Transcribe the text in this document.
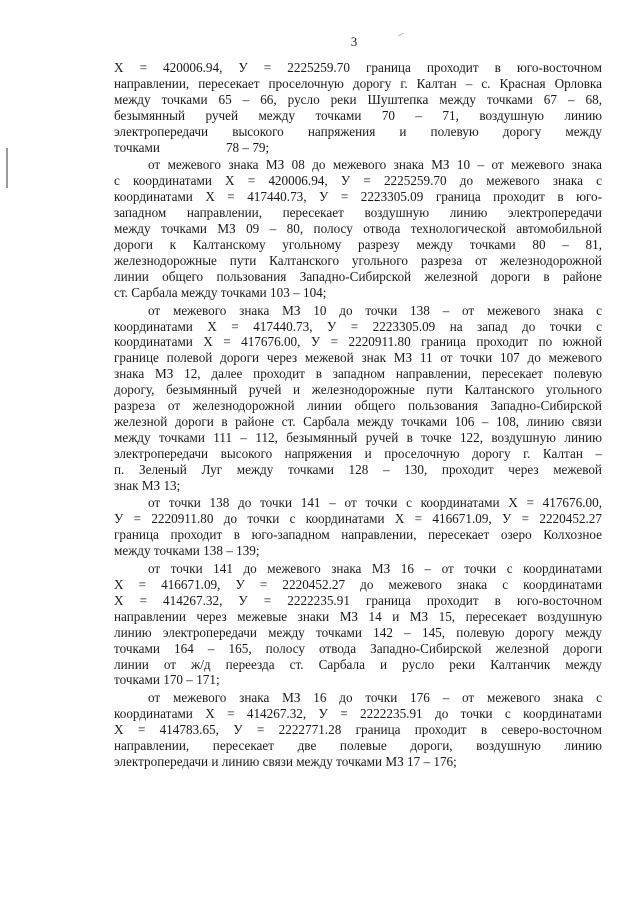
3
Х = 420006.94, У = 2225259.70 граница проходит в юго-восточном
направлении, пересекает проселочную дорогу г. Калтан – с. Красная Орловка
между точками 65 – 66, русло реки Шуштепка между точками 67 – 68,
безымянный ручей между точками 70 – 71, воздушную линию
электропередачи высокого напряжения и полевую дорогу между
точками	78 – 79;
от межевого знака МЗ 08 до межевого знака МЗ 10 – от межевого знака
с координатами Х = 420006.94, У = 2225259.70 до межевого знака с
координатами Х = 417440.73, У = 2223305.09 граница проходит в юго-
западном направлении, пересекает воздушную линию электропередачи
между точками МЗ 09 – 80, полосу отвода технологической автомобильной
дороги к Калтанскому угольному разрезу между точками 80 – 81,
железнодорожные пути Калтанского угольного разреза от железнодорожной
линии общего пользования Западно-Сибирской железной дороги в районе
ст. Сарбала между точками 103 – 104;
от межевого знака МЗ 10 до точки 138 – от межевого знака с
координатами Х = 417440.73, У = 2223305.09 на запад до точки с
координатами Х = 417676.00, У = 2220911.80 граница проходит по южной
границе полевой дороги через межевой знак МЗ 11 от точки 107 до межевого
знака МЗ 12, далее проходит в западном направлении, пересекает полевую
дорогу, безымянный ручей и железнодорожные пути Калтанского угольного
разреза от железнодорожной линии общего пользования Западно-Сибирской
железной дороги в районе ст. Сарбала между точками 106 – 108, линию связи
между точками 111 – 112, безымянный ручей в точке 122, воздушную линию
электропередачи высокого напряжения и проселочную дорогу г. Калтан –
п. Зеленый Луг между точками 128 – 130, проходит через межевой
знак МЗ 13;
от точки 138 до точки 141 – от точки с координатами Х = 417676.00,
У = 2220911.80 до точки с координатами Х = 416671.09, У = 2220452.27
граница проходит в юго-западном направлении, пересекает озеро Колхозное
между точками 138 – 139;
от точки 141 до межевого знака МЗ 16 – от точки с координатами
Х = 416671.09, У = 2220452.27 до межевого знака с координатами
Х = 414267.32, У = 2222235.91 граница проходит в юго-восточном
направлении через межевые знаки МЗ 14 и МЗ 15, пересекает воздушную
линию электропередачи между точками 142 – 145, полевую дорогу между
точками 164 – 165, полосу отвода Западно-Сибирской железной дороги
линии от ж/д переезда ст. Сарбала и русло реки Калтанчик между
точками 170 – 171;
от межевого знака МЗ 16 до точки 176 – от межевого знака с
координатами Х = 414267.32, У = 2222235.91 до точки с координатами
Х = 414783.65, У = 2222771.28 граница проходит в северо-восточном
направлении, пересекает две полевые дороги, воздушную линию
электропередачи и линию связи между точками МЗ 17 – 176;
